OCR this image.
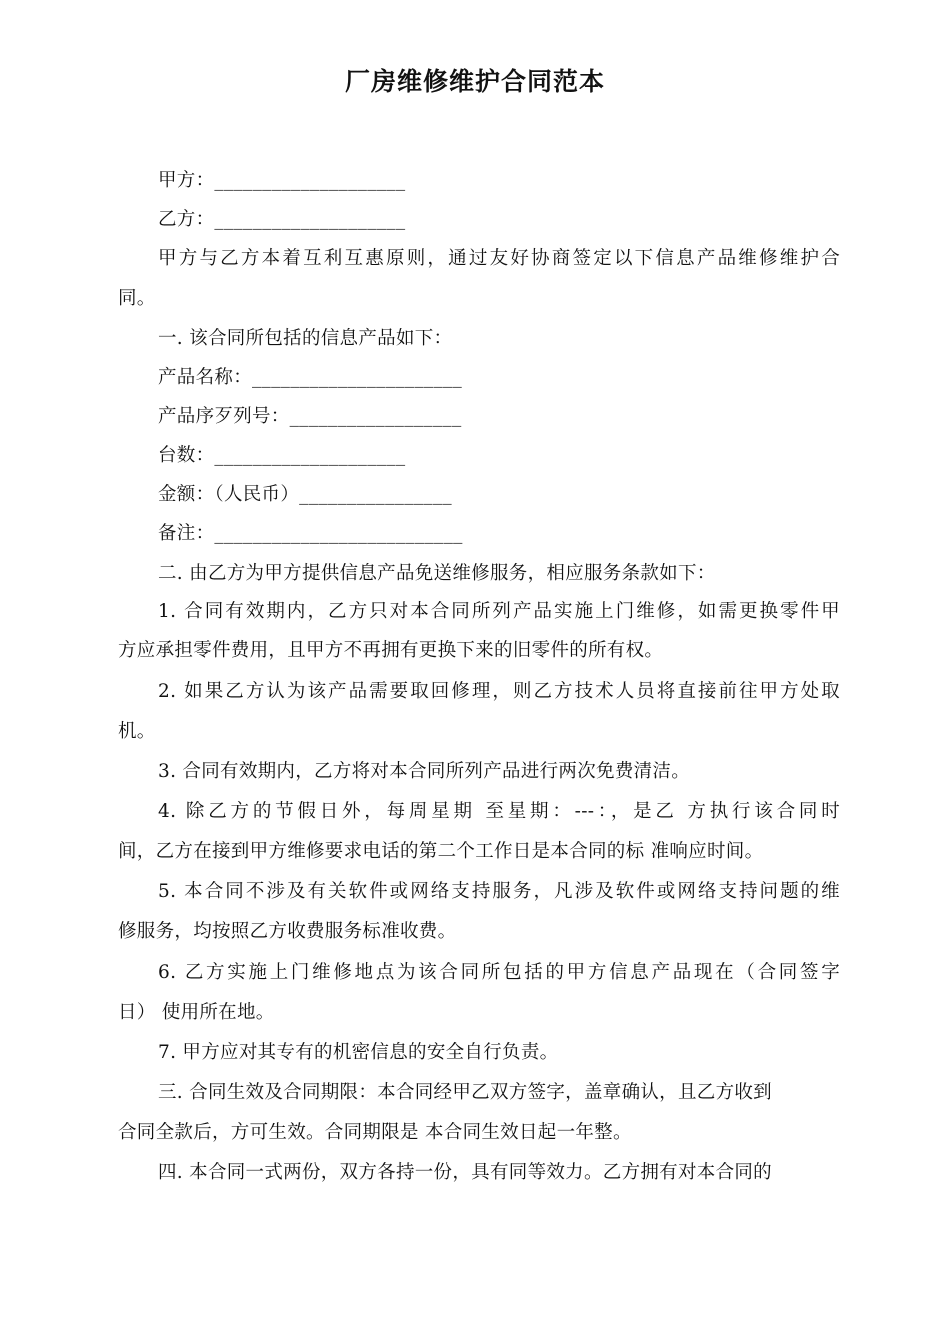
厂房维修维护合同范本
甲方：____________________
乙方：____________________
甲方与乙方本着互利互惠原则，通过友好协商签定以下信息产品维修维护合
同。
一. 该合同所包括的信息产品如下：
产品名称：______________________
产品序歹列号：__________________
台数：____________________
金额：（人民币）________________
备注：__________________________
二. 由乙方为甲方提供信息产品免送维修服务，相应服务条款如下：
1. 合同有效期内，乙方只对本合同所列产品实施上门维修，如需更换零件甲
方应承担零件费用，且甲方不再拥有更换下来的旧零件的所有权。
2. 如果乙方认为该产品需要取回修理，则乙方技术人员将直接前往甲方处取
机。
3. 合同有效期内，乙方将对本合同所列产品进行两次免费清洁。
4. 除乙方的节假日外，每周星期 至星期：---：，是乙 方执行该合同时
间，乙方在接到甲方维修要求电话的第二个工作日是本合同的标 准响应时间。
5. 本合同不涉及有关软件或网络支持服务，凡涉及软件或网络支持问题的维
修服务，均按照乙方收费服务标准收费。
6. 乙方实施上门维修地点为该合同所包括的甲方信息产品现在（合同签字
日） 使用所在地。
7. 甲方应对其专有的机密信息的安全自行负责。
三. 合同生效及合同期限：本合同经甲乙双方签字，盖章确认，且乙方收到
合同全款后，方可生效。合同期限是 本合同生效日起一年整。
四. 本合同一式两份，双方各持一份，具有同等效力。乙方拥有对本合同的
